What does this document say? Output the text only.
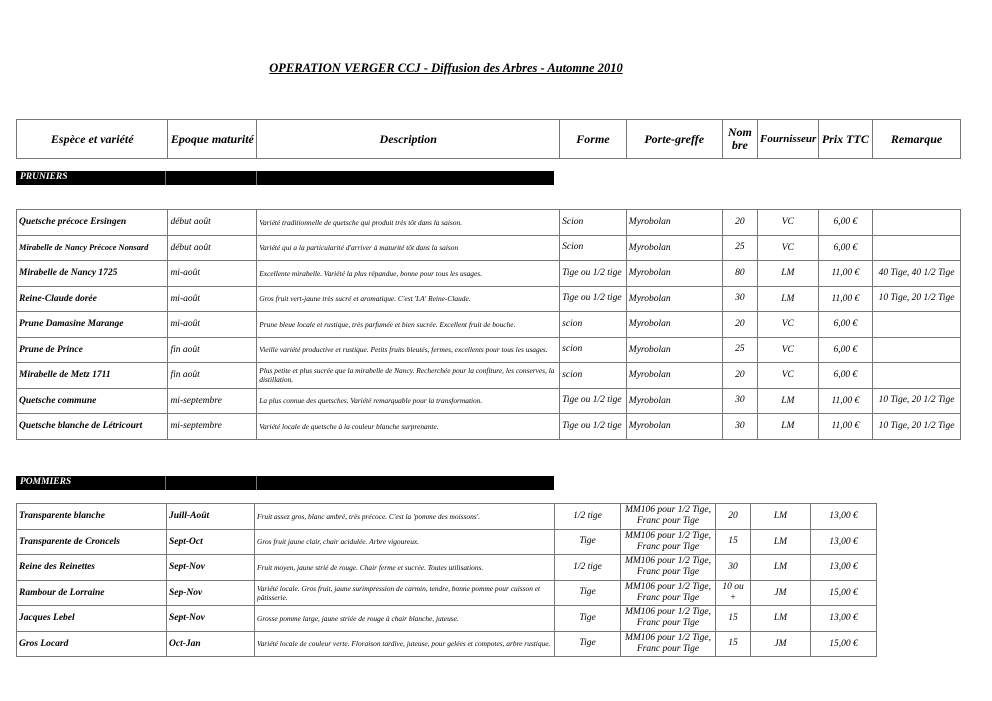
OPERATION VERGER CCJ - Diffusion des Arbres - Automne 2010
Espèce et variété	Epoque maturité	Description	Forme	Porte-greffe	Nom bre	Fournisseur	Prix TTC	Remarque
PRUNIERS
Quetsche précoce Ersingen	début août	Variété traditionnelle de quetsche qui produit très tôt dans la saison.	Scion	Myrobolan	20	VC	6,00 €	
Mirabelle de Nancy Précoce Nonsard	début août	Variété qui a la particularité d'arriver à maturité tôt dans la saison	Scion	Myrobolan	25	VC	6,00 €	
Mirabelle de Nancy 1725	mi-août	Excellente mirabelle. Variété la plus répandue, bonne pour tous les usages.	Tige ou 1/2 tige	Myrobolan	80	LM	11,00 €	40 Tige, 40 1/2 Tige
Reine-Claude dorée	mi-août	Gros fruit vert-jaune très sucré et aromatique. C'est 'LA' Reine-Claude.	Tige ou 1/2 tige	Myrobolan	30	LM	11,00 €	10 Tige, 20 1/2 Tige
Prune Damasine Marange	mi-août	Prune bleue locale et rustique, très parfumée et bien sucrée. Excellent fruit de bouche.	scion	Myrobolan	20	VC	6,00 €	
Prune de Prince	fin août	Vieille variété productive et rustique. Petits fruits bleutés, fermes, excellents pour tous les usages.	scion	Myrobolan	25	VC	6,00 €	
Mirabelle de Metz 1711	fin août	Plus petite et plus sucrée que la mirabelle de Nancy. Recherchée pour la confiture, les conserves, la distillation.	scion	Myrobolan	20	VC	6,00 €	
Quetsche commune	mi-septembre	La plus connue des quetsches. Variété remarquable pour la transformation.	Tige ou 1/2 tige	Myrobolan	30	LM	11,00 €	10 Tige, 20 1/2 Tige
Quetsche blanche de Létricourt	mi-septembre	Variété locale de quetsche à la couleur blanche surprenante.	Tige ou 1/2 tige	Myrobolan	30	LM	11,00 €	10 Tige, 20 1/2 Tige
POMMIERS
Transparente blanche	Juill-Août	Fruit assez gros, blanc ambré, très précoce. C'est la 'pomme des moissons'.	1/2 tige	MM106 pour 1/2 Tige, Franc pour Tige	20	LM	13,00 €
Transparente de Croncels	Sept-Oct	Gros fruit jaune clair, chair acidulée. Arbre vigoureux.	Tige	MM106 pour 1/2 Tige, Franc pour Tige	15	LM	13,00 €
Reine des Reinettes	Sept-Nov	Fruit moyen, jaune strié de rouge. Chair ferme et sucrée. Toutes utilisations.	1/2 tige	MM106 pour 1/2 Tige, Franc pour Tige	30	LM	13,00 €
Rambour de Lorraine	Sep-Nov	Variété locale. Gros fruit, jaune surimpression de carmin, tendre, bonne pomme pour cuisson et pâtisserie.	Tige	MM106 pour 1/2 Tige, Franc pour Tige	10 ou +	JM	15,00 €
Jacques Lebel	Sept-Nov	Grosse pomme large, jaune striée de rouge à chair blanche, juteuse.	Tige	MM106 pour 1/2 Tige, Franc pour Tige	15	LM	13,00 €
Gros Locard	Oct-Jan	Variété locale de couleur verte. Floraison tardive, juteuse, pour gelées et compotes, arbre rustique.	Tige	MM106 pour 1/2 Tige, Franc pour Tige	15	JM	15,00 €
